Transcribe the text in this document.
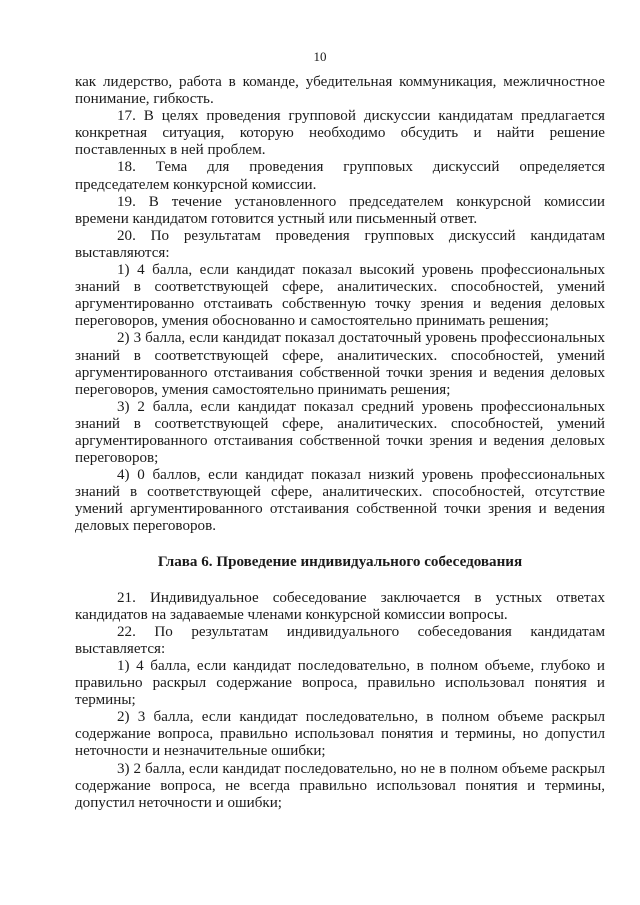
10

как лидерство, работа в команде, убедительная коммуникация, межличностное понимание, гибкость.

17. В целях проведения групповой дискуссии кандидатам предлагается конкретная ситуация, которую необходимо обсудить и найти решение поставленных в ней проблем.

18. Тема для проведения групповых дискуссий определяется председателем конкурсной комиссии.

19. В течение установленного председателем конкурсной комиссии времени кандидатом готовится устный или письменный ответ.

20. По результатам проведения групповых дискуссий кандидатам выставляются:

1) 4 балла, если кандидат показал высокий уровень профессиональных знаний в соответствующей сфере, аналитических. способностей, умений аргументированно отстаивать собственную точку зрения и ведения деловых переговоров, умения обоснованно и самостоятельно принимать решения;

2) 3 балла, если кандидат показал достаточный уровень профессиональных знаний в соответствующей сфере, аналитических. способностей, умений аргументированного отстаивания собственной точки зрения и ведения деловых переговоров, умения самостоятельно принимать решения;

3) 2 балла, если кандидат показал средний уровень профессиональных знаний в соответствующей сфере, аналитических. способностей, умений аргументированного отстаивания собственной точки зрения и ведения деловых переговоров;

4) 0 баллов, если кандидат показал низкий уровень профессиональных знаний в соответствующей сфере, аналитических. способностей, отсутствие умений аргументированного отстаивания собственной точки зрения и ведения деловых переговоров.

Глава 6. Проведение индивидуального собеседования

21. Индивидуальное собеседование заключается в устных ответах кандидатов на задаваемые членами конкурсной комиссии вопросы.

22. По результатам индивидуального собеседования кандидатам выставляется:

1) 4 балла, если кандидат последовательно, в полном объеме, глубоко и правильно раскрыл содержание вопроса, правильно использовал понятия и термины;

2) 3 балла, если кандидат последовательно, в полном объеме раскрыл содержание вопроса, правильно использовал понятия и термины, но допустил неточности и незначительные ошибки;

3) 2 балла, если кандидат последовательно, но не в полном объеме раскрыл содержание вопроса, не всегда правильно использовал понятия и термины, допустил неточности и ошибки;
